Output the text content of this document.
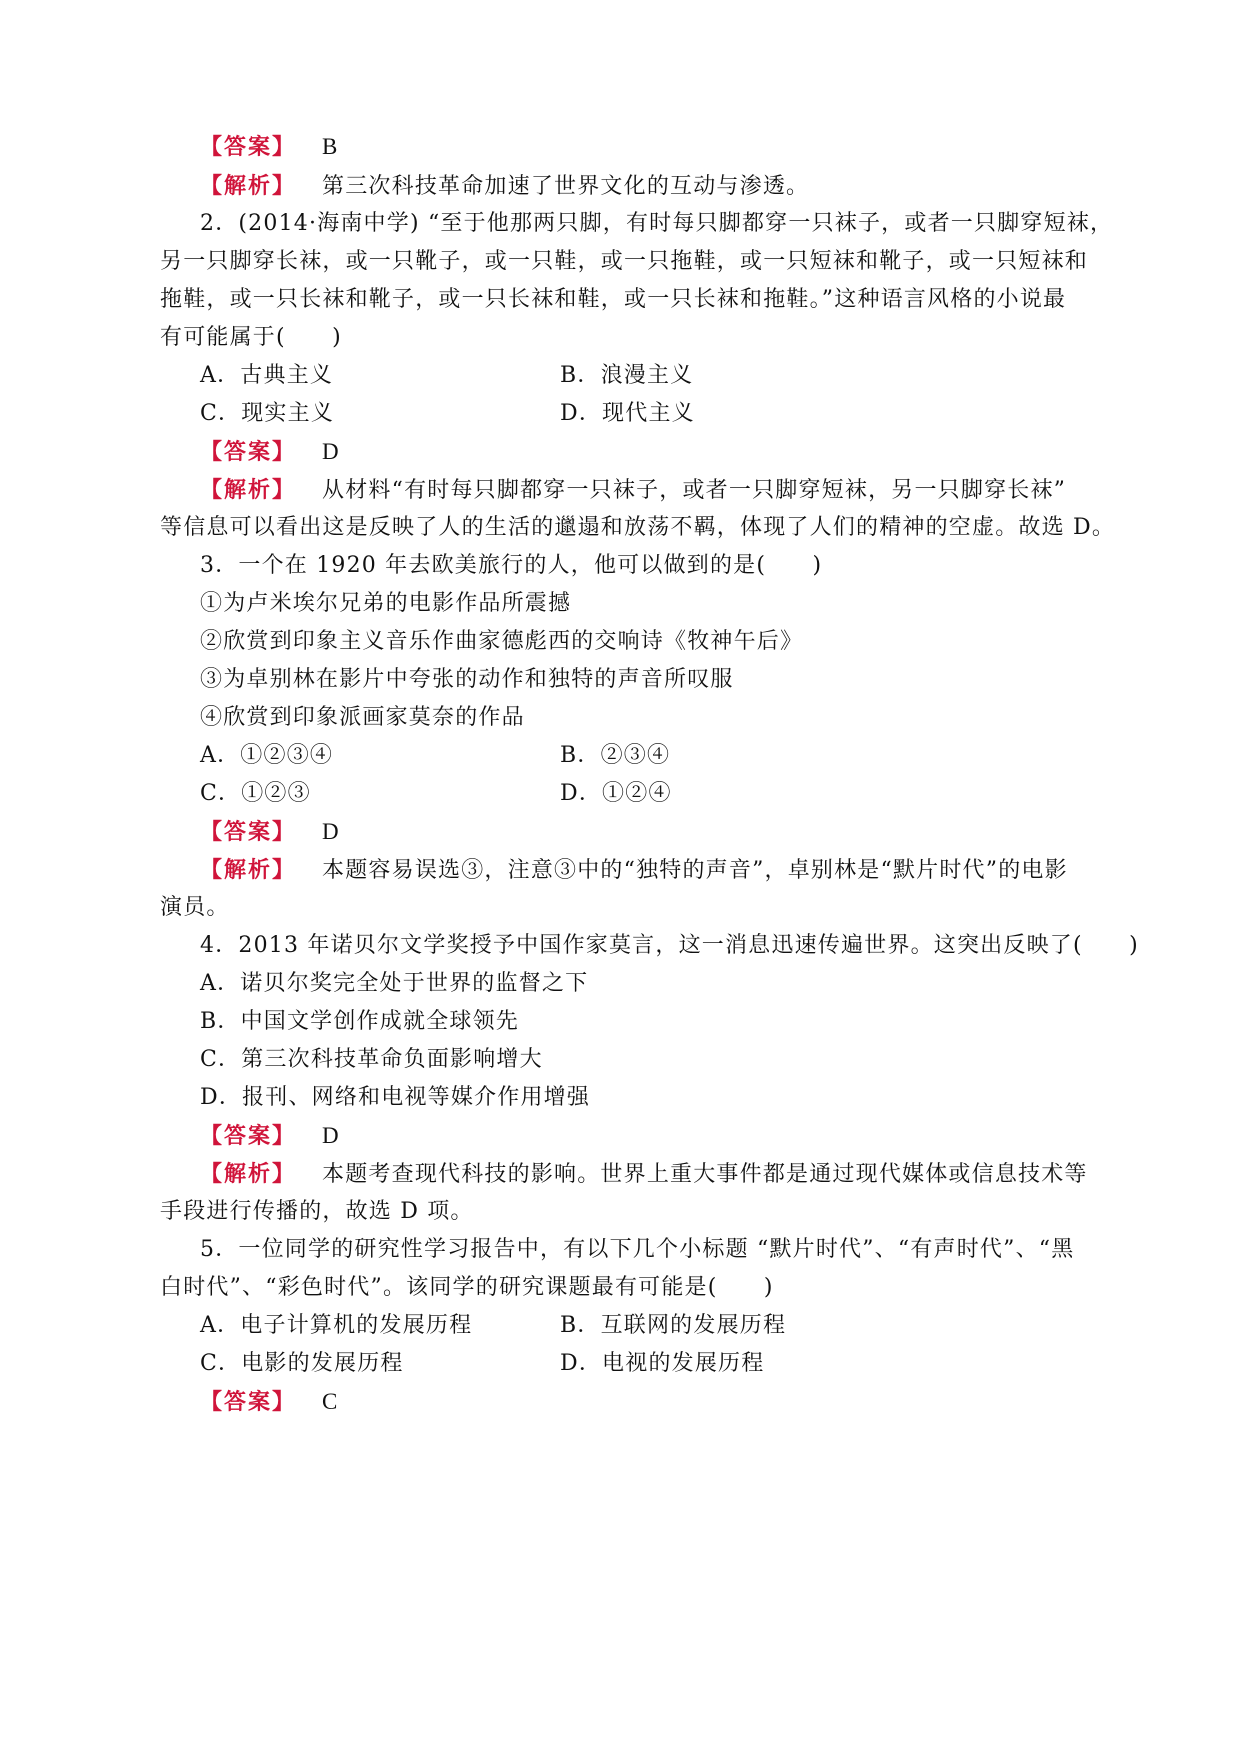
【答案】 B
【解析】 第三次科技革命加速了世界文化的互动与渗透。
2．(2014·海南中学) “至于他那两只脚，有时每只脚都穿一只袜子，或者一只脚穿短袜，
另一只脚穿长袜，或一只靴子，或一只鞋，或一只拖鞋，或一只短袜和靴子，或一只短袜和
拖鞋，或一只长袜和靴子，或一只长袜和鞋，或一只长袜和拖鞋。”这种语言风格的小说最
有可能属于(　　)
A．古典主义	B．浪漫主义
C．现实主义	D．现代主义
【答案】 D
【解析】 从材料“有时每只脚都穿一只袜子，或者一只脚穿短袜，另一只脚穿长袜”
等信息可以看出这是反映了人的生活的邋遢和放荡不羁，体现了人们的精神的空虚。故选 D。
3．一个在 1920 年去欧美旅行的人，他可以做到的是(　　)
①为卢米埃尔兄弟的电影作品所震撼
②欣赏到印象主义音乐作曲家德彪西的交响诗《牧神午后》
③为卓别林在影片中夸张的动作和独特的声音所叹服
④欣赏到印象派画家莫奈的作品
A．①②③④	B．②③④
C．①②③	D．①②④
【答案】 D
【解析】 本题容易误选③，注意③中的“独特的声音”，卓别林是“默片时代”的电影
演员。
4．2013 年诺贝尔文学奖授予中国作家莫言，这一消息迅速传遍世界。这突出反映了(　　)
A．诺贝尔奖完全处于世界的监督之下
B．中国文学创作成就全球领先
C．第三次科技革命负面影响增大
D．报刊、网络和电视等媒介作用增强
【答案】 D
【解析】 本题考查现代科技的影响。世界上重大事件都是通过现代媒体或信息技术等
手段进行传播的，故选 D 项。
5．一位同学的研究性学习报告中，有以下几个小标题 “默片时代”、“有声时代”、“黑
白时代”、“彩色时代”。该同学的研究课题最有可能是(　　)
A．电子计算机的发展历程	B．互联网的发展历程
C．电影的发展历程	D．电视的发展历程
【答案】 C
